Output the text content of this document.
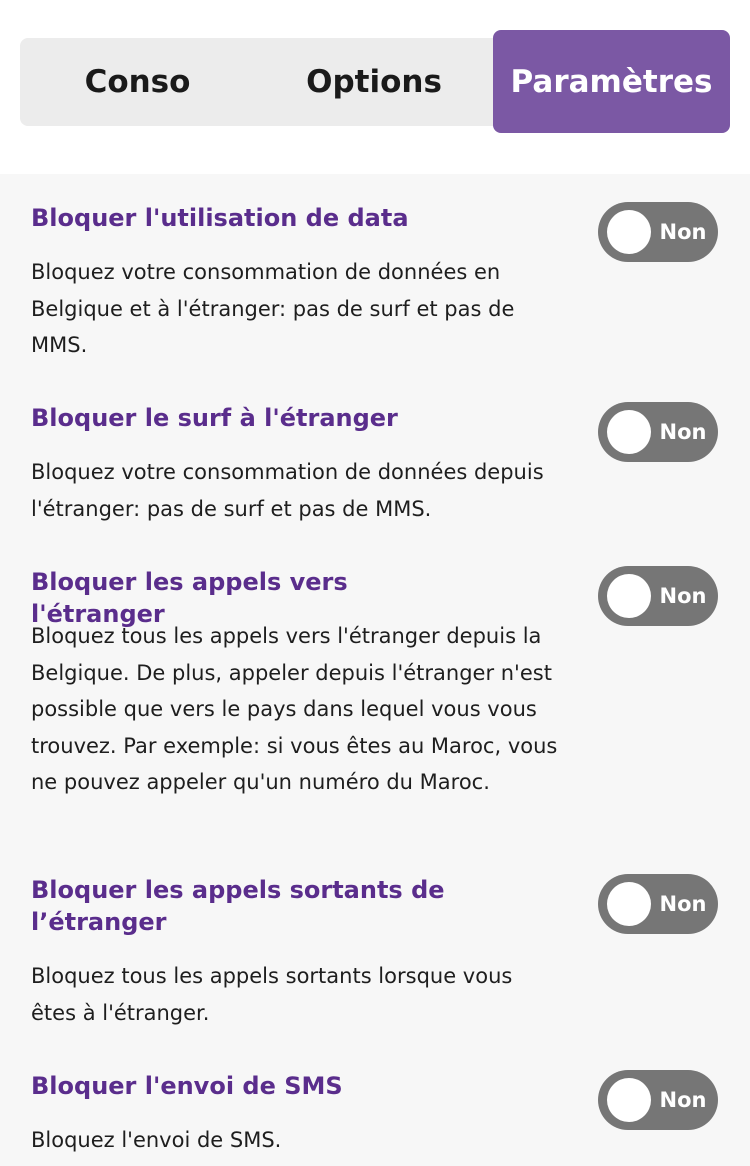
Conso	Options	Paramètres
Bloquer l'utilisation de data

Bloquez votre consommation de données en Belgique et à l'étranger: pas de surf et pas de MMS.

Non
Bloquer le surf à l'étranger

Bloquez votre consommation de données depuis l'étranger: pas de surf et pas de MMS.

Non
Bloquer les appels vers l'étranger

Bloquez tous les appels vers l'étranger depuis la Belgique. De plus, appeler depuis l'étranger n'est possible que vers le pays dans lequel vous vous trouvez. Par exemple: si vous êtes au Maroc, vous ne pouvez appeler qu'un numéro du Maroc.

Non
Bloquer les appels sortants de l’étranger

Bloquez tous les appels sortants lorsque vous êtes à l'étranger.

Non
Bloquer l'envoi de SMS

Bloquez l'envoi de SMS.

Non
